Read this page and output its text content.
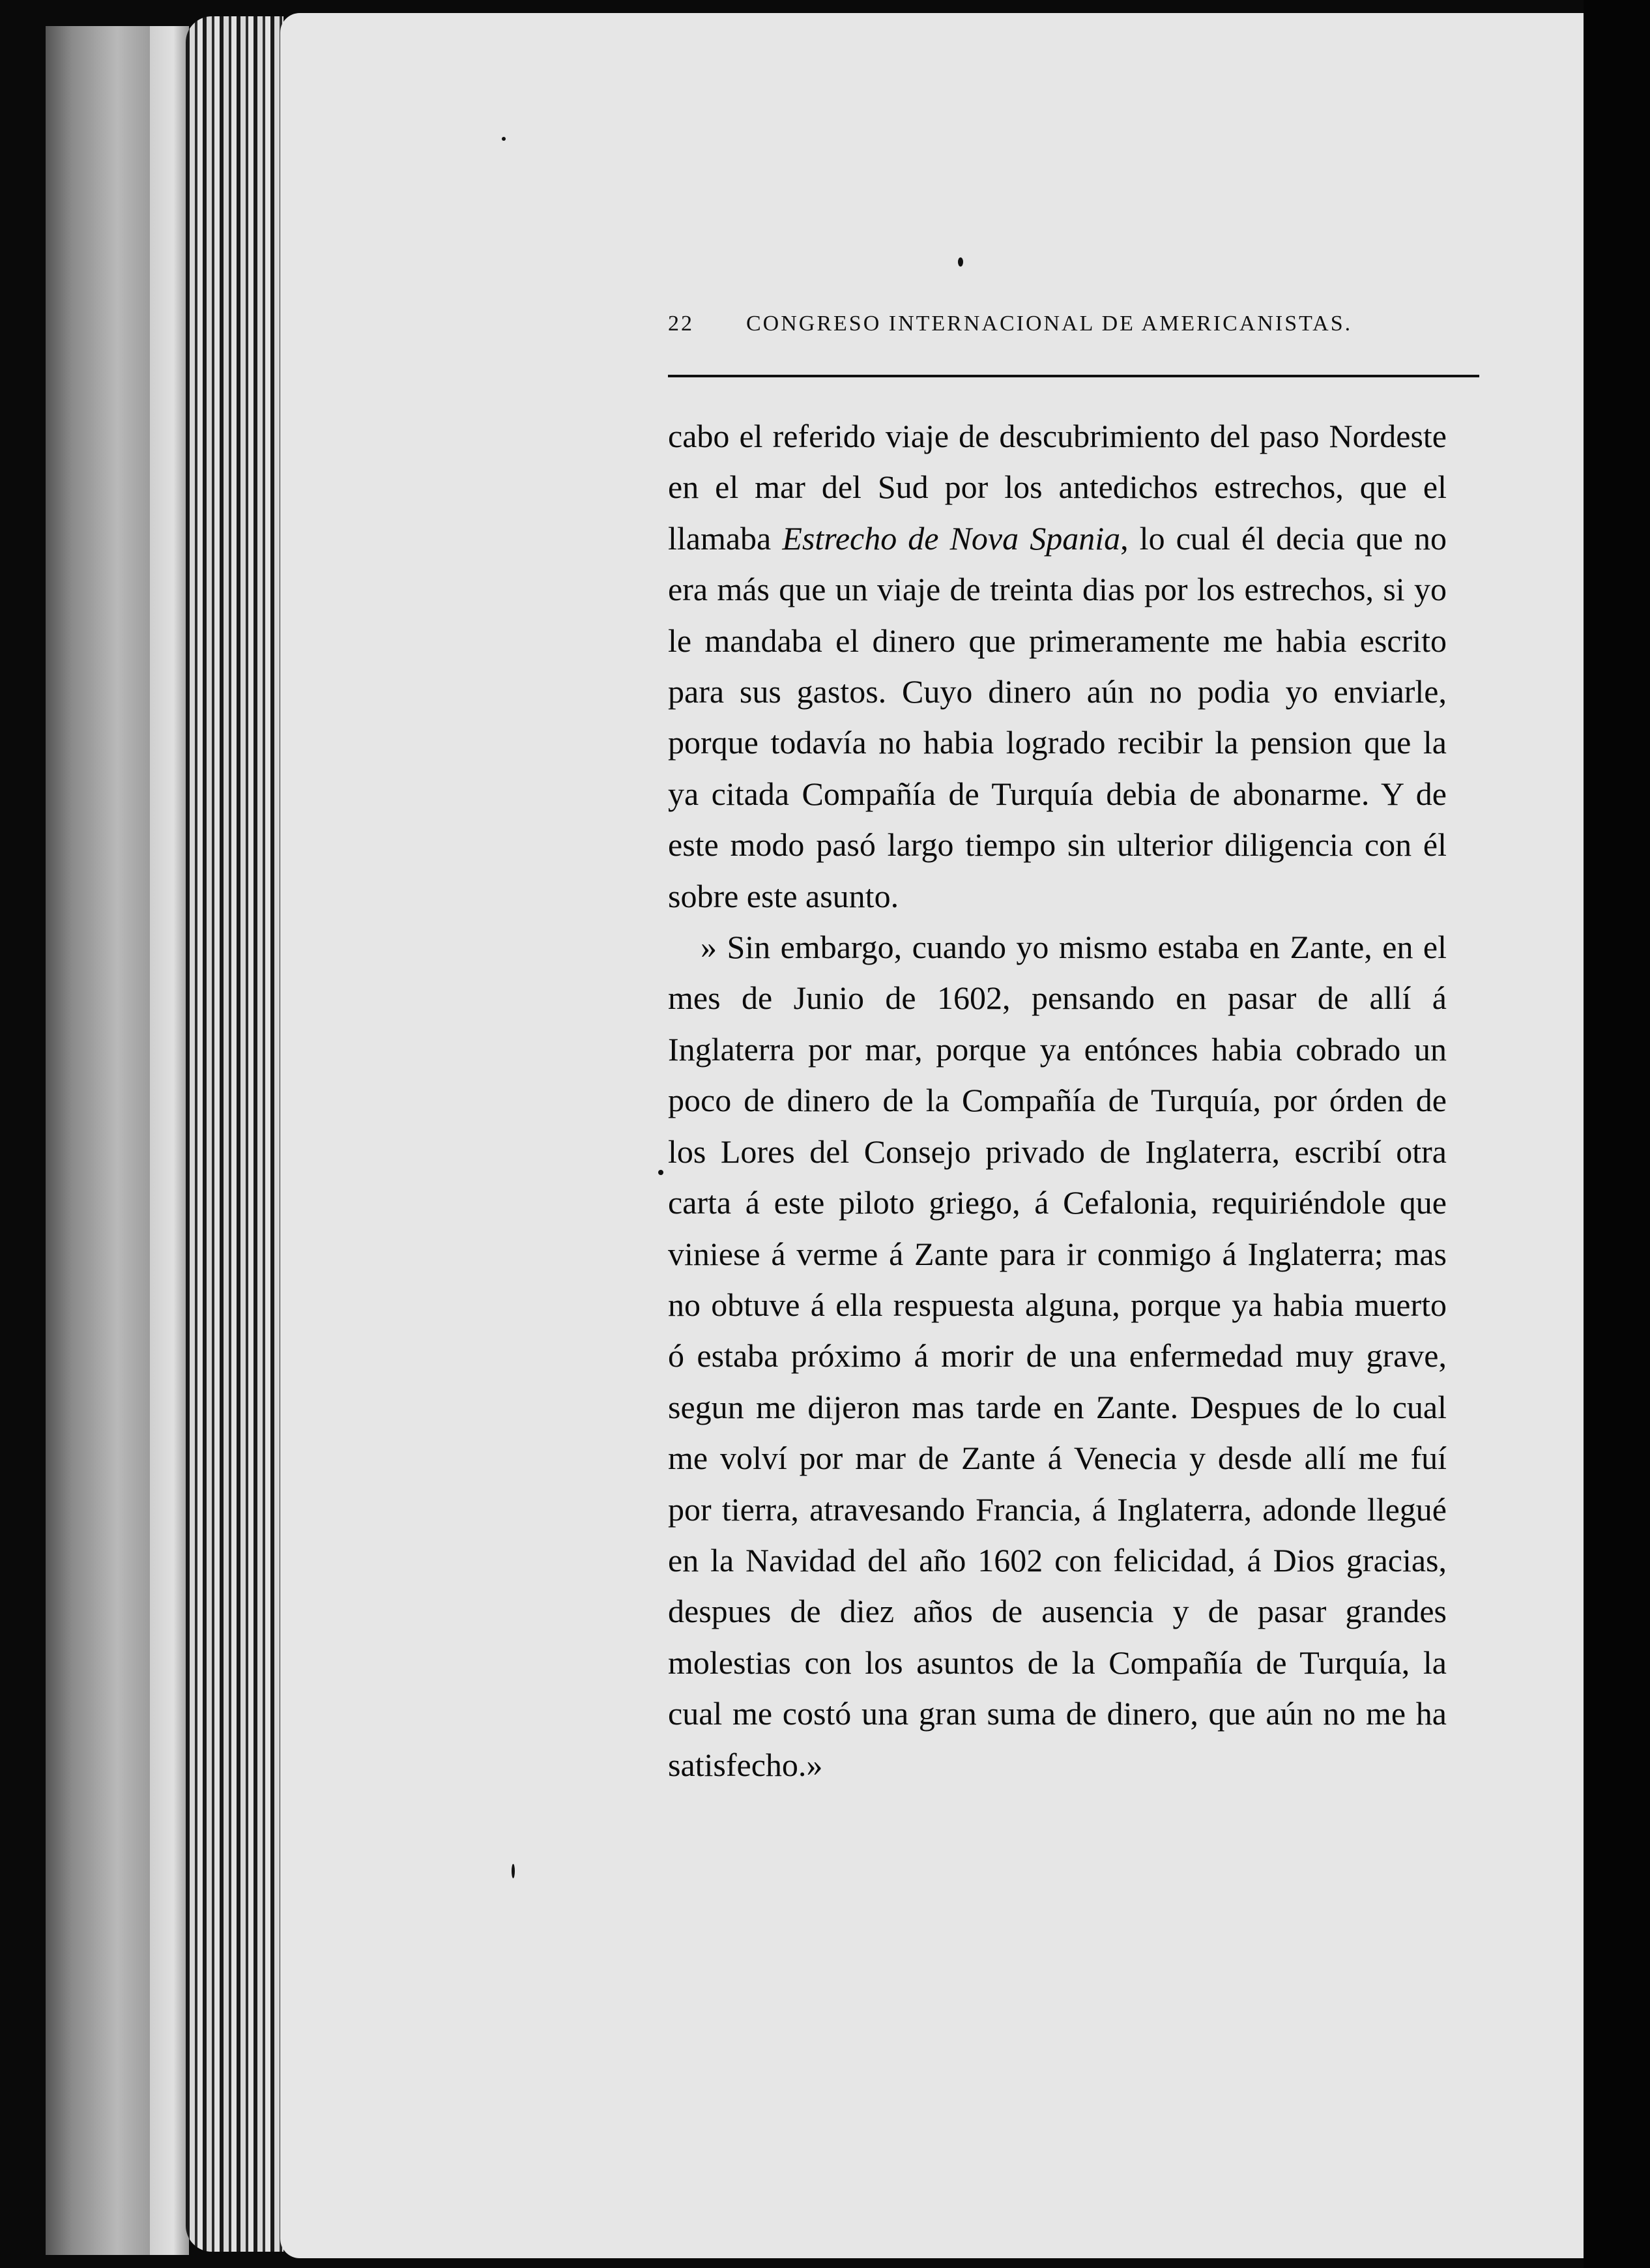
22	CONGRESO INTERNACIONAL DE AMERICANISTAS.

cabo el referido viaje de descubrimiento del paso Nordeste en el mar del Sud por los antedichos estrechos, que el llamaba Estrecho de Nova Spania, lo cual él decia que no era más que un viaje de treinta dias por los estrechos, si yo le mandaba el dinero que primeramente me habia escrito para sus gastos. Cuyo dinero aún no podia yo enviarle, porque todavía no habia logrado recibir la pension que la ya citada Compañía de Turquía debia de abonarme. Y de este modo pasó largo tiempo sin ulterior diligencia con él sobre este asunto.

» Sin embargo, cuando yo mismo estaba en Zante, en el mes de Junio de 1602, pensando en pasar de allí á Inglaterra por mar, porque ya entónces habia cobrado un poco de dinero de la Compañía de Turquía, por órden de los Lores del Consejo privado de Inglaterra, escribí otra carta á este piloto griego, á Cefalonia, requiriéndole que viniese á verme á Zante para ir conmigo á Inglaterra; mas no obtuve á ella respuesta alguna, porque ya habia muerto ó estaba próximo á morir de una enfermedad muy grave, segun me dijeron mas tarde en Zante. Despues de lo cual me volví por mar de Zante á Venecia y desde allí me fuí por tierra, atravesando Francia, á Inglaterra, adonde llegué en la Navidad del año 1602 con felicidad, á Dios gracias, despues de diez años de ausencia y de pasar grandes molestias con los asuntos de la Compañía de Turquía, la cual me costó una gran suma de dinero, que aún no me ha satisfecho.»
